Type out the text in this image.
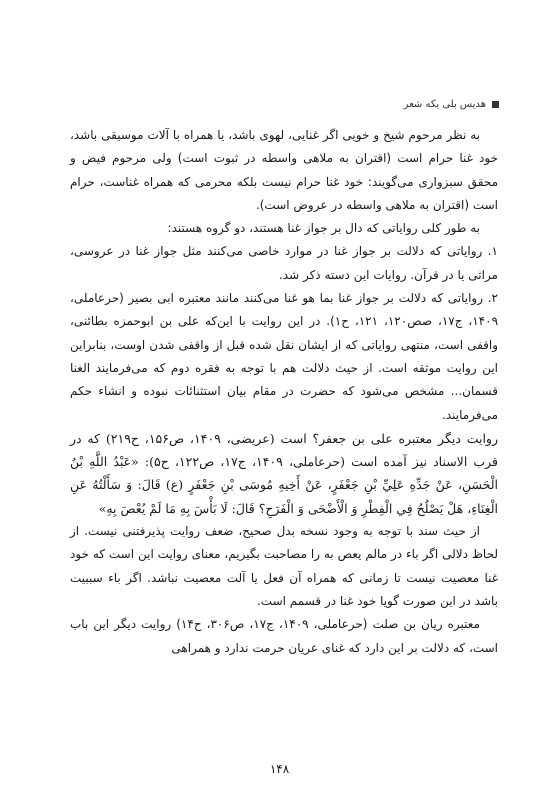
هدیس بلی یکه شعر

به نظر مرحوم شیخ و خویی اگر غنایی، لهوی باشد، یا همراه با آلات موسیقی باشد، خود غنا حرام است (اقتران به ملاهی واسطه در ثبوت است) ولی مرحوم فیض و محقق سبزواری می‌گویند: خود غنا حرام نیست بلکه محرمی که همراه غناست، حرام است (اقتران به ملاهی واسطه در عروض است).

به طور کلی روایاتی که دال بر جواز غنا هستند، دو گروه هستند:

۱. روایاتی که دلالت بر جواز غنا در موارد خاصی می‌کنند مثل جواز غنا در عروسی، مراثی یا در قرآن. روایات این دسته ذکر شد.

۲. روایاتی که دلالت بر جواز غنا بما هو غنا می‌کنند مانند معتبره ابی بصیر (حرعاملی، ۱۴۰۹، ج۱۷، صص۱۲۰، ۱۲۱، ح۱). در این روایت با این‌که علی بن ابوحمزه بطائنی، واقفی است، منتهی روایاتی که از ایشان نقل شده قبل از واقفی شدن اوست، بنابراین این روایت موثقه است. از حیث دلالت هم با توجه به فقره دوم که می‌فرمایند الغنا قسمان... مشخص می‌شود که حضرت در مقام بیان استثنائات نبوده و انشاء حکم می‌فرمایند.

روایت دیگر معتبره علی بن جعفر؟ است (عریضی، ۱۴۰۹، ص۱۵۶، ح۲۱۹) که در قرب الاسناد نیز آمده است (حرعاملی، ۱۴۰۹، ج۱۷، ص۱۲۲، ح۵): «عَبْدُ اللَّهِ بْنُ الْحَسَنِ، عَنْ جَدِّهِ عَلِيِّ بْنِ جَعْفَرٍ، عَنْ أَخِيهِ مُوسَى بْنِ جَعْفَرٍ (ع) قَالَ: وَ سَأَلْتُهُ عَنِ الْغِنَاءِ، هَلْ يَصْلُحُ فِي الْفِطْرِ وَ الْأَضْحَى وَ الْفَرَحِ؟ قَالَ: لَا بَأْسَ بِهِ مَا لَمْ يُعْصَ بِهِ»

از حیث سند با توجه به وجود نسخه بدل صحیح، ضعف روایت پذیرفتنی نیست. از لحاظ دلالی اگر باء در مالم یعص به را مصاحبت بگیریم، معنای روایت این است که خود غنا معصیت نیست تا زمانی که همراه آن فعل یا آلت معصیت نباشد. اگر باء سببیت باشد در این صورت گویا خود غنا در قسمم است.

معتبره ریان بن صلت (حرعاملی، ۱۴۰۹، ج۱۷، ص۳۰۶، ح۱۴) روایت دیگر این باب است، که دلالت بر این دارد که غنای عریان حرمت ندارد و همراهی

۱۴۸
